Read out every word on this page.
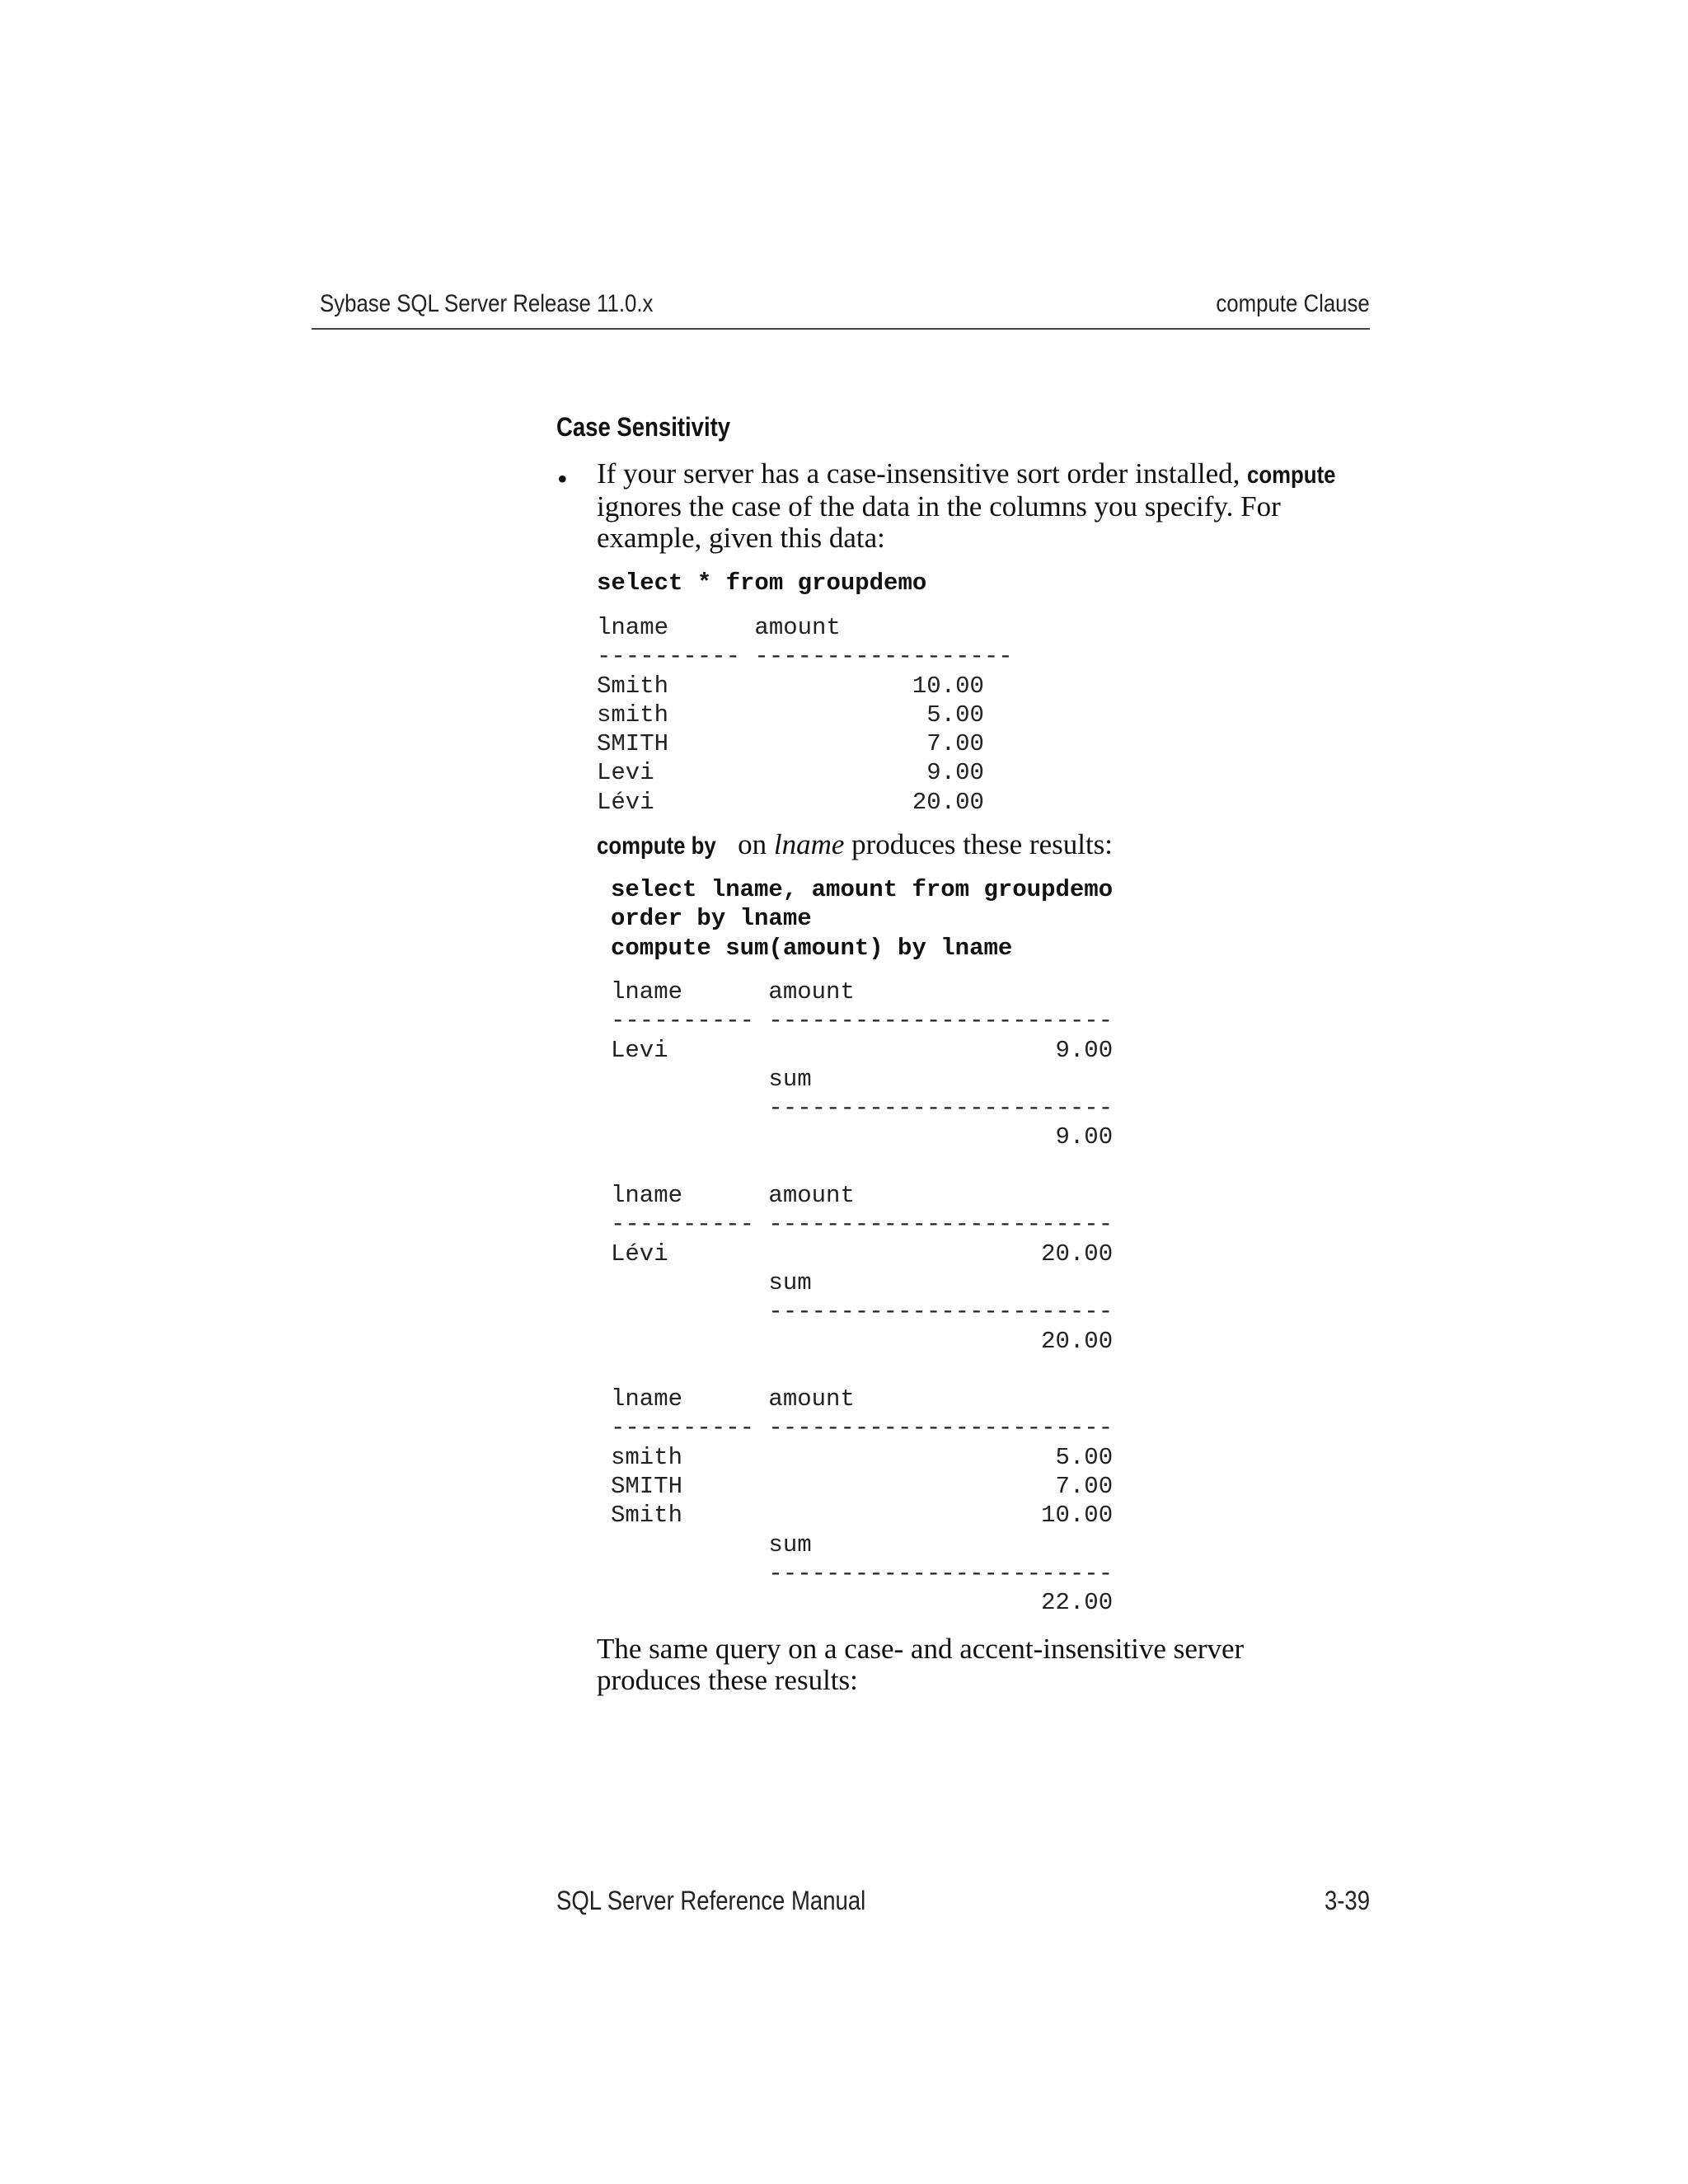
Sybase SQL Server Release 11.0.x	compute Clause
Case Sensitivity
• If your server has a case-insensitive sort order installed, compute
ignores the case of the data in the columns you specify. For
example, given this data:
select * from groupdemo
lname      amount
---------- ------------------
Smith                 10.00
smith                  5.00
SMITH                  7.00
Levi                   9.00
Lévi                  20.00
compute by on lname produces these results:
select lname, amount from groupdemo
order by lname
compute sum(amount) by lname
lname      amount
---------- ------------------------
Levi                           9.00
sum
------------------------
9.00

lname      amount
---------- ------------------------
Lévi                          20.00
sum
------------------------
20.00

lname      amount
---------- ------------------------
smith                          5.00
SMITH                          7.00
Smith                         10.00
sum
------------------------
22.00
The same query on a case- and accent-insensitive server
produces these results:
SQL Server Reference Manual	3-39
